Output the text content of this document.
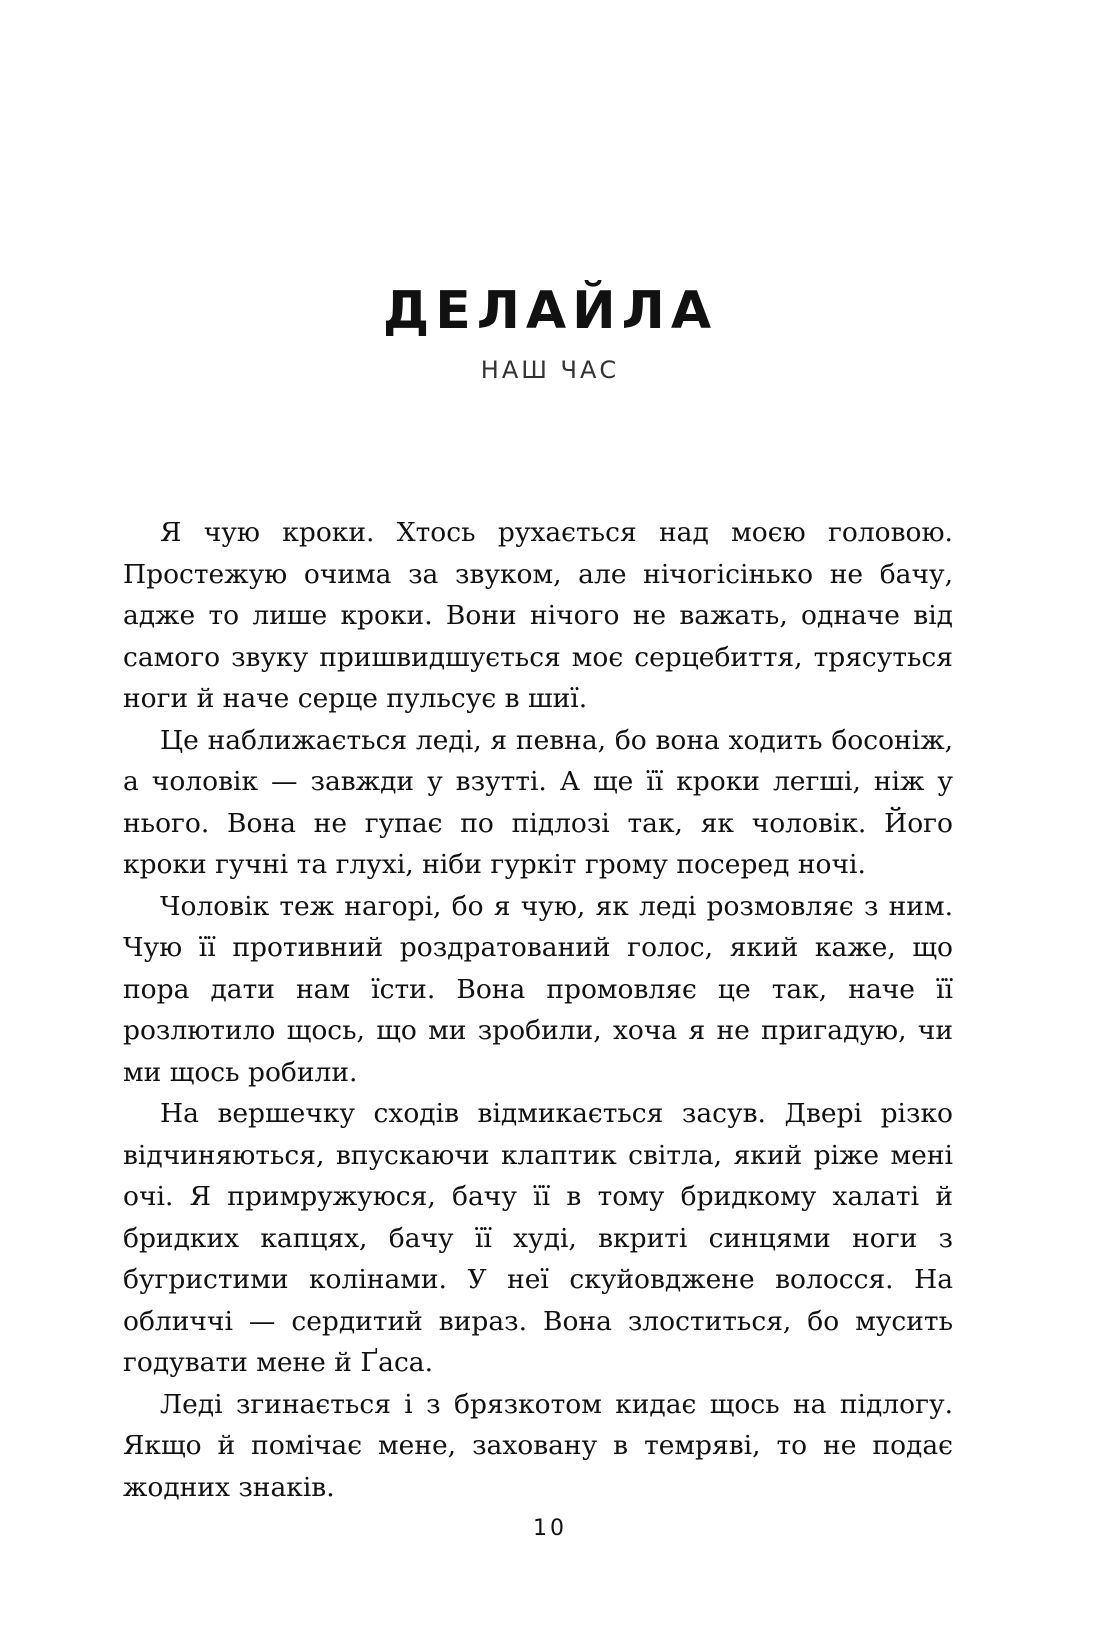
ДЕЛАЙЛА
НАШ ЧАС

Я чую кроки. Хтось рухається над моєю головою. Простежую очима за звуком, але нічогісінько не бачу, адже то лише кроки. Вони нічого не важать, одначе від самого звуку пришвидшується моє серцебиття, трясуться ноги й наче серце пульсує в шиї.

Це наближається леді, я певна, бо вона ходить босоніж, а чоловік — завжди у взутті. А ще її кроки легші, ніж у нього. Вона не гупає по підлозі так, як чоловік. Його кроки гучні та глухі, ніби гуркіт грому посеред ночі.

Чоловік теж нагорі, бо я чую, як леді розмовляє з ним. Чую її противний роздратований голос, який каже, що пора дати нам їсти. Вона промовляє це так, наче її розлютило щось, що ми зробили, хоча я не пригадую, чи ми щось робили.

На вершечку сходів відмикається засув. Двері різко відчиняються, впускаючи клаптик світла, який ріже мені очі. Я примружуюся, бачу її в тому бридкому халаті й бридких капцях, бачу її худі, вкриті синцями ноги з бугристими колінами. У неї скуйовджене волосся. На обличчі — сердитий вираз. Вона злоститься, бо мусить годувати мене й Ґаса.

Леді згинається і з брязкотом кидає щось на підлогу. Якщо й помічає мене, заховану в темряві, то не подає жодних знаків.

10
